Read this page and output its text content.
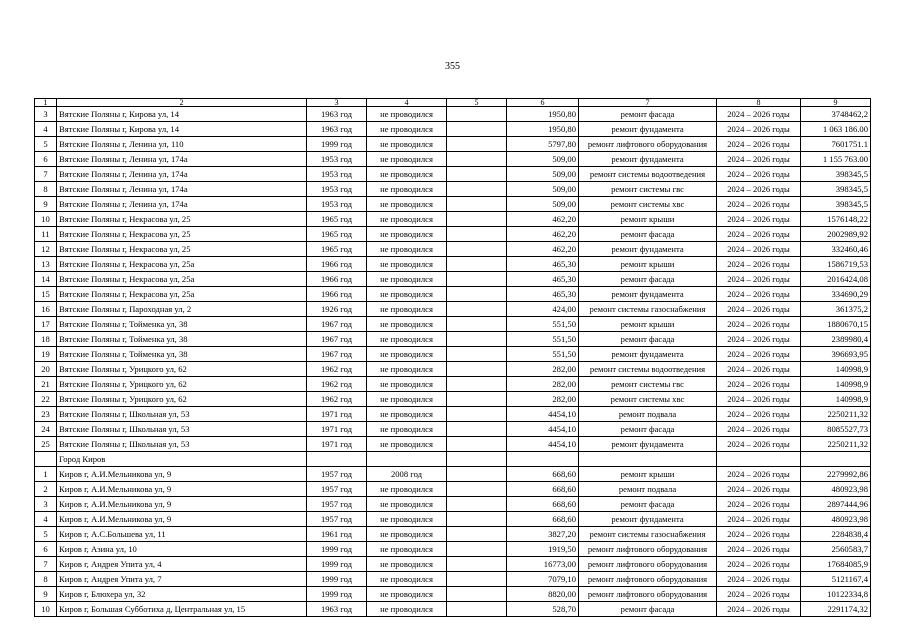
355
1	2	3	4	5	6	7	8	9
3	Вятские Поляны г, Кирова ул, 14	1963 год	не проводился		1950,80	ремонт фасада	2024 – 2026 годы	3748462,2
4	Вятские Поляны г, Кирова ул, 14	1963 год	не проводился		1950,80	ремонт фундамента	2024 – 2026 годы	1 063 186.00
5	Вятские Поляны г, Ленина ул, 110	1999 год	не проводился		5797,80	ремонт лифтового оборудования	2024 – 2026 годы	7601751.1
6	Вятские Поляны г, Ленина ул, 174а	1953 год	не проводился		509,00	ремонт фундамента	2024 – 2026 годы	1 155 763.00
7	Вятские Поляны г, Ленина ул, 174а	1953 год	не проводился		509,00	ремонт системы водоотведения	2024 – 2026 годы	398345,5
8	Вятские Поляны г, Ленина ул, 174а	1953 год	не проводился		509,00	ремонт системы гвс	2024 – 2026 годы	398345,5
9	Вятские Поляны г, Ленина ул, 174а	1953 год	не проводился		509,00	ремонт системы хвс	2024 – 2026 годы	398345,5
10	Вятские Поляны г, Некрасова ул, 25	1965 год	не проводился		462,20	ремонт крыши	2024 – 2026 годы	1576148,22
11	Вятские Поляны г, Некрасова ул, 25	1965 год	не проводился		462,20	ремонт фасада	2024 – 2026 годы	2002989,92
12	Вятские Поляны г, Некрасова ул, 25	1965 год	не проводился		462,20	ремонт фундамента	2024 – 2026 годы	332460,46
13	Вятские Поляны г, Некрасова ул, 25а	1966 год	не проводился		465,30	ремонт крыши	2024 – 2026 годы	1586719,53
14	Вятские Поляны г, Некрасова ул, 25а	1966 год	не проводился		465,30	ремонт фасада	2024 – 2026 годы	2016424,08
15	Вятские Поляны г, Некрасова ул, 25а	1966 год	не проводился		465,30	ремонт фундамента	2024 – 2026 годы	334690,29
16	Вятские Поляны г, Пароходная ул, 2	1926 год	не проводился		424,00	ремонт системы газоснабжения	2024 – 2026 годы	361375,2
17	Вятские Поляны г, Тойменка ул, 38	1967 год	не проводился		551,50	ремонт крыши	2024 – 2026 годы	1880670,15
18	Вятские Поляны г, Тойменка ул, 38	1967 год	не проводился		551,50	ремонт фасада	2024 – 2026 годы	2389980,4
19	Вятские Поляны г, Тойменка ул, 38	1967 год	не проводился		551,50	ремонт фундамента	2024 – 2026 годы	396693,95
20	Вятские Поляны г, Урицкого ул, 62	1962 год	не проводился		282,00	ремонт системы водоотведения	2024 – 2026 годы	140998,9
21	Вятские Поляны г, Урицкого ул, 62	1962 год	не проводился		282,00	ремонт системы гвс	2024 – 2026 годы	140998,9
22	Вятские Поляны г, Урицкого ул, 62	1962 год	не проводился		282,00	ремонт системы хвс	2024 – 2026 годы	140998,9
23	Вятские Поляны г, Школьная ул, 53	1971 год	не проводился		4454,10	ремонт подвала	2024 – 2026 годы	2250211,32
24	Вятские Поляны г, Школьная ул, 53	1971 год	не проводился		4454,10	ремонт фасада	2024 – 2026 годы	8085527,73
25	Вятские Поляны г, Школьная ул, 53	1971 год	не проводился		4454,10	ремонт фундамента	2024 – 2026 годы	2250211,32
	Город Киров							
1	Киров г, А.И.Мельникова ул, 9	1957 год	2008 год		668,60	ремонт крыши	2024 – 2026 годы	2279992,86
2	Киров г, А.И.Мельникова ул, 9	1957 год	не проводился		668,60	ремонт подвала	2024 – 2026 годы	480923,98
3	Киров г, А.И.Мельникова ул, 9	1957 год	не проводился		668,60	ремонт фасада	2024 – 2026 годы	2897444,96
4	Киров г, А.И.Мельникова ул, 9	1957 год	не проводился		668,60	ремонт фундамента	2024 – 2026 годы	480923,98
5	Киров г, А.С.Большева ул, 11	1961 год	не проводился		3827,20	ремонт системы газоснабжения	2024 – 2026 годы	2284838,4
6	Киров г, Азина ул, 10	1999 год	не проводился		1919,50	ремонт лифтового оборудования	2024 – 2026 годы	2560583,7
7	Киров г, Андрея Упита ул, 4	1999 год	не проводился		16773,00	ремонт лифтового оборудования	2024 – 2026 годы	17684085,9
8	Киров г, Андрея Упита ул, 7	1999 год	не проводился		7079,10	ремонт лифтового оборудования	2024 – 2026 годы	5121167,4
9	Киров г, Блюхера ул, 32	1999 год	не проводился		8820,00	ремонт лифтового оборудования	2024 – 2026 годы	10122334,8
10	Киров г, Большая Субботиха д, Центральная ул, 15	1963 год	не проводился		528,70	ремонт фасада	2024 – 2026 годы	2291174,32
